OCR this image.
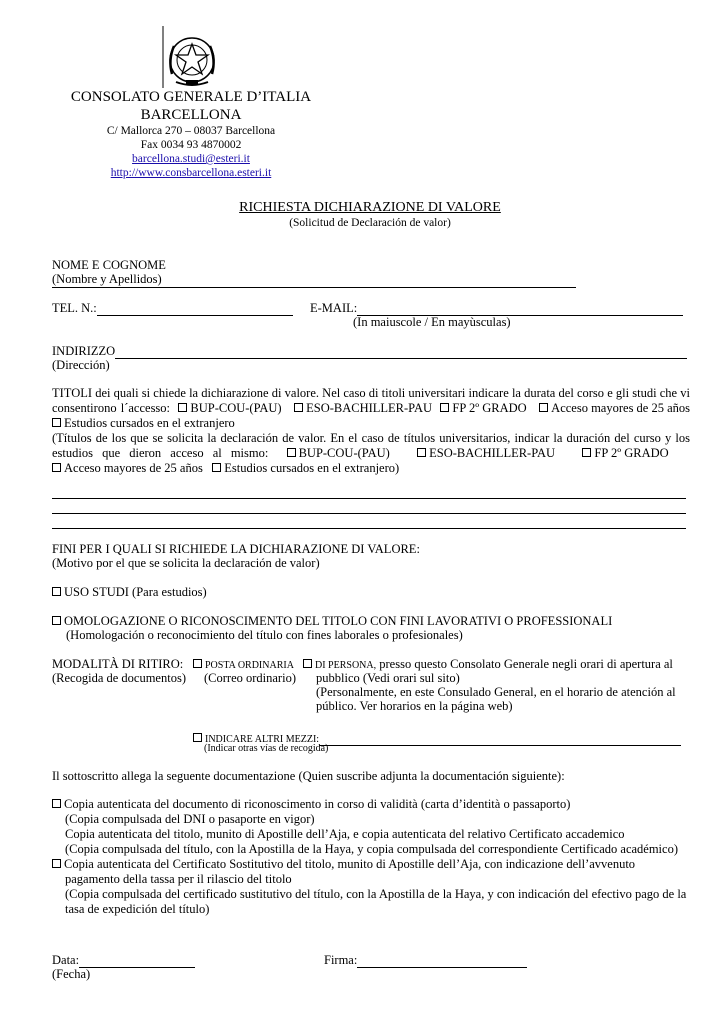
CONSOLATO GENERALE D’ITALIA
BARCELLONA
C/ Mallorca 270 – 08037 Barcellona
Fax 0034 93 4870002
barcellona.studi@esteri.it
http://www.consbarcellona.esteri.it
RICHIESTA DICHIARAZIONE DI VALORE
(Solicitud de Declaración de valor)
NOME E COGNOME
(Nombre y Apellidos)
TEL. N.:	E-MAIL:
(In maiuscole / En mayùsculas)
INDIRIZZO
(Dirección)
TITOLI dei quali si chiede la dichiarazione di valore. Nel caso di titoli universitari indicare la durata del corso e gli studi che vi consentirono l´accesso: BUP-COU-(PAU) ESO-BACHILLER-PAU FP 2º GRADO Acceso mayores de 25 años Estudios cursados en el extranjero
(Títulos de los que se solicita la declaración de valor. En el caso de títulos universitarios, indicar la duración del curso y los estudios que dieron acceso al mismo: BUP-COU-(PAU)	ESO-BACHILLER-PAU	FP 2º GRADO   Acceso mayores de 25 años Estudios cursados en el extranjero)
FINI PER I QUALI SI RICHIEDE LA DICHIARAZIONE DI VALORE:
(Motivo por el que se solicita la declaración de valor)
USO STUDI (Para estudios)
OMOLOGAZIONE O RICONOSCIMENTO DEL TITOLO CON FINI LAVORATIVI O PROFESSIONALI
(Homologación o reconocimiento del título con fines laborales o profesionales)
MODALITÀ DI RITIRO:
(Recogida de documentos)
POSTA ORDINARIA
(Correo ordinario)
DI PERSONA, presso questo Consolato Generale negli orari di apertura al
pubblico (Vedi orari sul sito)
(Personalmente, en este Consulado General, en el horario de atención al
público. Ver horarios en la página web)
INDICARE ALTRI MEZZI:
(Indicar otras vías de recogida)
Il sottoscritto allega la seguente documentazione (Quien suscribe adjunta la documentación siguiente):
Copia autenticata del documento di riconoscimento in corso di validità (carta d’identità o passaporto)
(Copia compulsada del DNI o pasaporte en vigor)
Copia autenticata del titolo, munito di Apostille dell’Aja, e copia autenticata del relativo Certificato accademico
(Copia compulsada del título, con la Apostilla de la Haya, y copia compulsada del correspondiente Certificado académico)
Copia autenticata del Certificato Sostitutivo del titolo, munito di Apostille dell’Aja, con indicazione dell’avvenuto pagamento della tassa per il rilascio del titolo
(Copia compulsada del certificado sustitutivo del título, con la Apostilla de la Haya, y con indicación del efectivo pago de la tasa de expedición del título)
Data:
(Fecha)
Firma:
